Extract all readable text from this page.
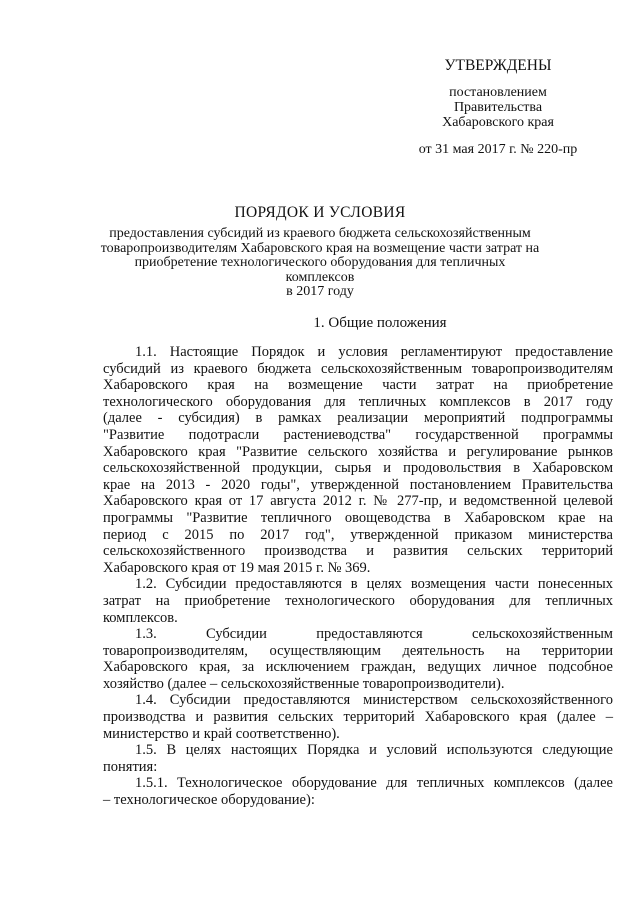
УТВЕРЖДЕНЫ
постановлением
Правительства
Хабаровского края
от 31 мая 2017 г. № 220-пр
ПОРЯДОК И УСЛОВИЯ
предоставления субсидий из краевого бюджета сельскохозяйственным
товаропроизводителям Хабаровского края на возмещение части затрат на
приобретение технологического оборудования для тепличных комплексов
в 2017 году
1. Общие положения
1.1. Настоящие Порядок и условия регламентируют предоставление
субсидий из краевого бюджета сельскохозяйственным товаропроизводителям
Хабаровского края на возмещение части затрат на приобретение
технологического оборудования для тепличных комплексов в 2017 году
(далее - субсидия) в рамках реализации мероприятий подпрограммы
"Развитие подотрасли растениеводства" государственной программы
Хабаровского края "Развитие сельского хозяйства и регулирование рынков
сельскохозяйственной продукции, сырья и продовольствия в Хабаровском
крае на 2013 - 2020 годы", утвержденной постановлением Правительства
Хабаровского края от 17 августа 2012 г. № 277-пр, и ведомственной целевой
программы "Развитие тепличного овощеводства в Хабаровском крае на
период с 2015 по 2017 год", утвержденной приказом министерства
сельскохозяйственного производства и развития сельских территорий
Хабаровского края от 19 мая 2015 г. № 369.
1.2. Субсидии предоставляются в целях возмещения части понесенных
затрат на приобретение технологического оборудования для тепличных
комплексов.
1.3. Субсидии предоставляются сельскохозяйственным
товаропроизводителям, осуществляющим деятельность на территории
Хабаровского края, за исключением граждан, ведущих личное подсобное
хозяйство (далее – сельскохозяйственные товаропроизводители).
1.4. Субсидии предоставляются министерством сельскохозяйственного
производства и развития сельских территорий Хабаровского края (далее –
министерство и край соответственно).
1.5. В целях настоящих Порядка и условий используются следующие
понятия:
1.5.1. Технологическое оборудование для тепличных комплексов (далее
– технологическое оборудование):
